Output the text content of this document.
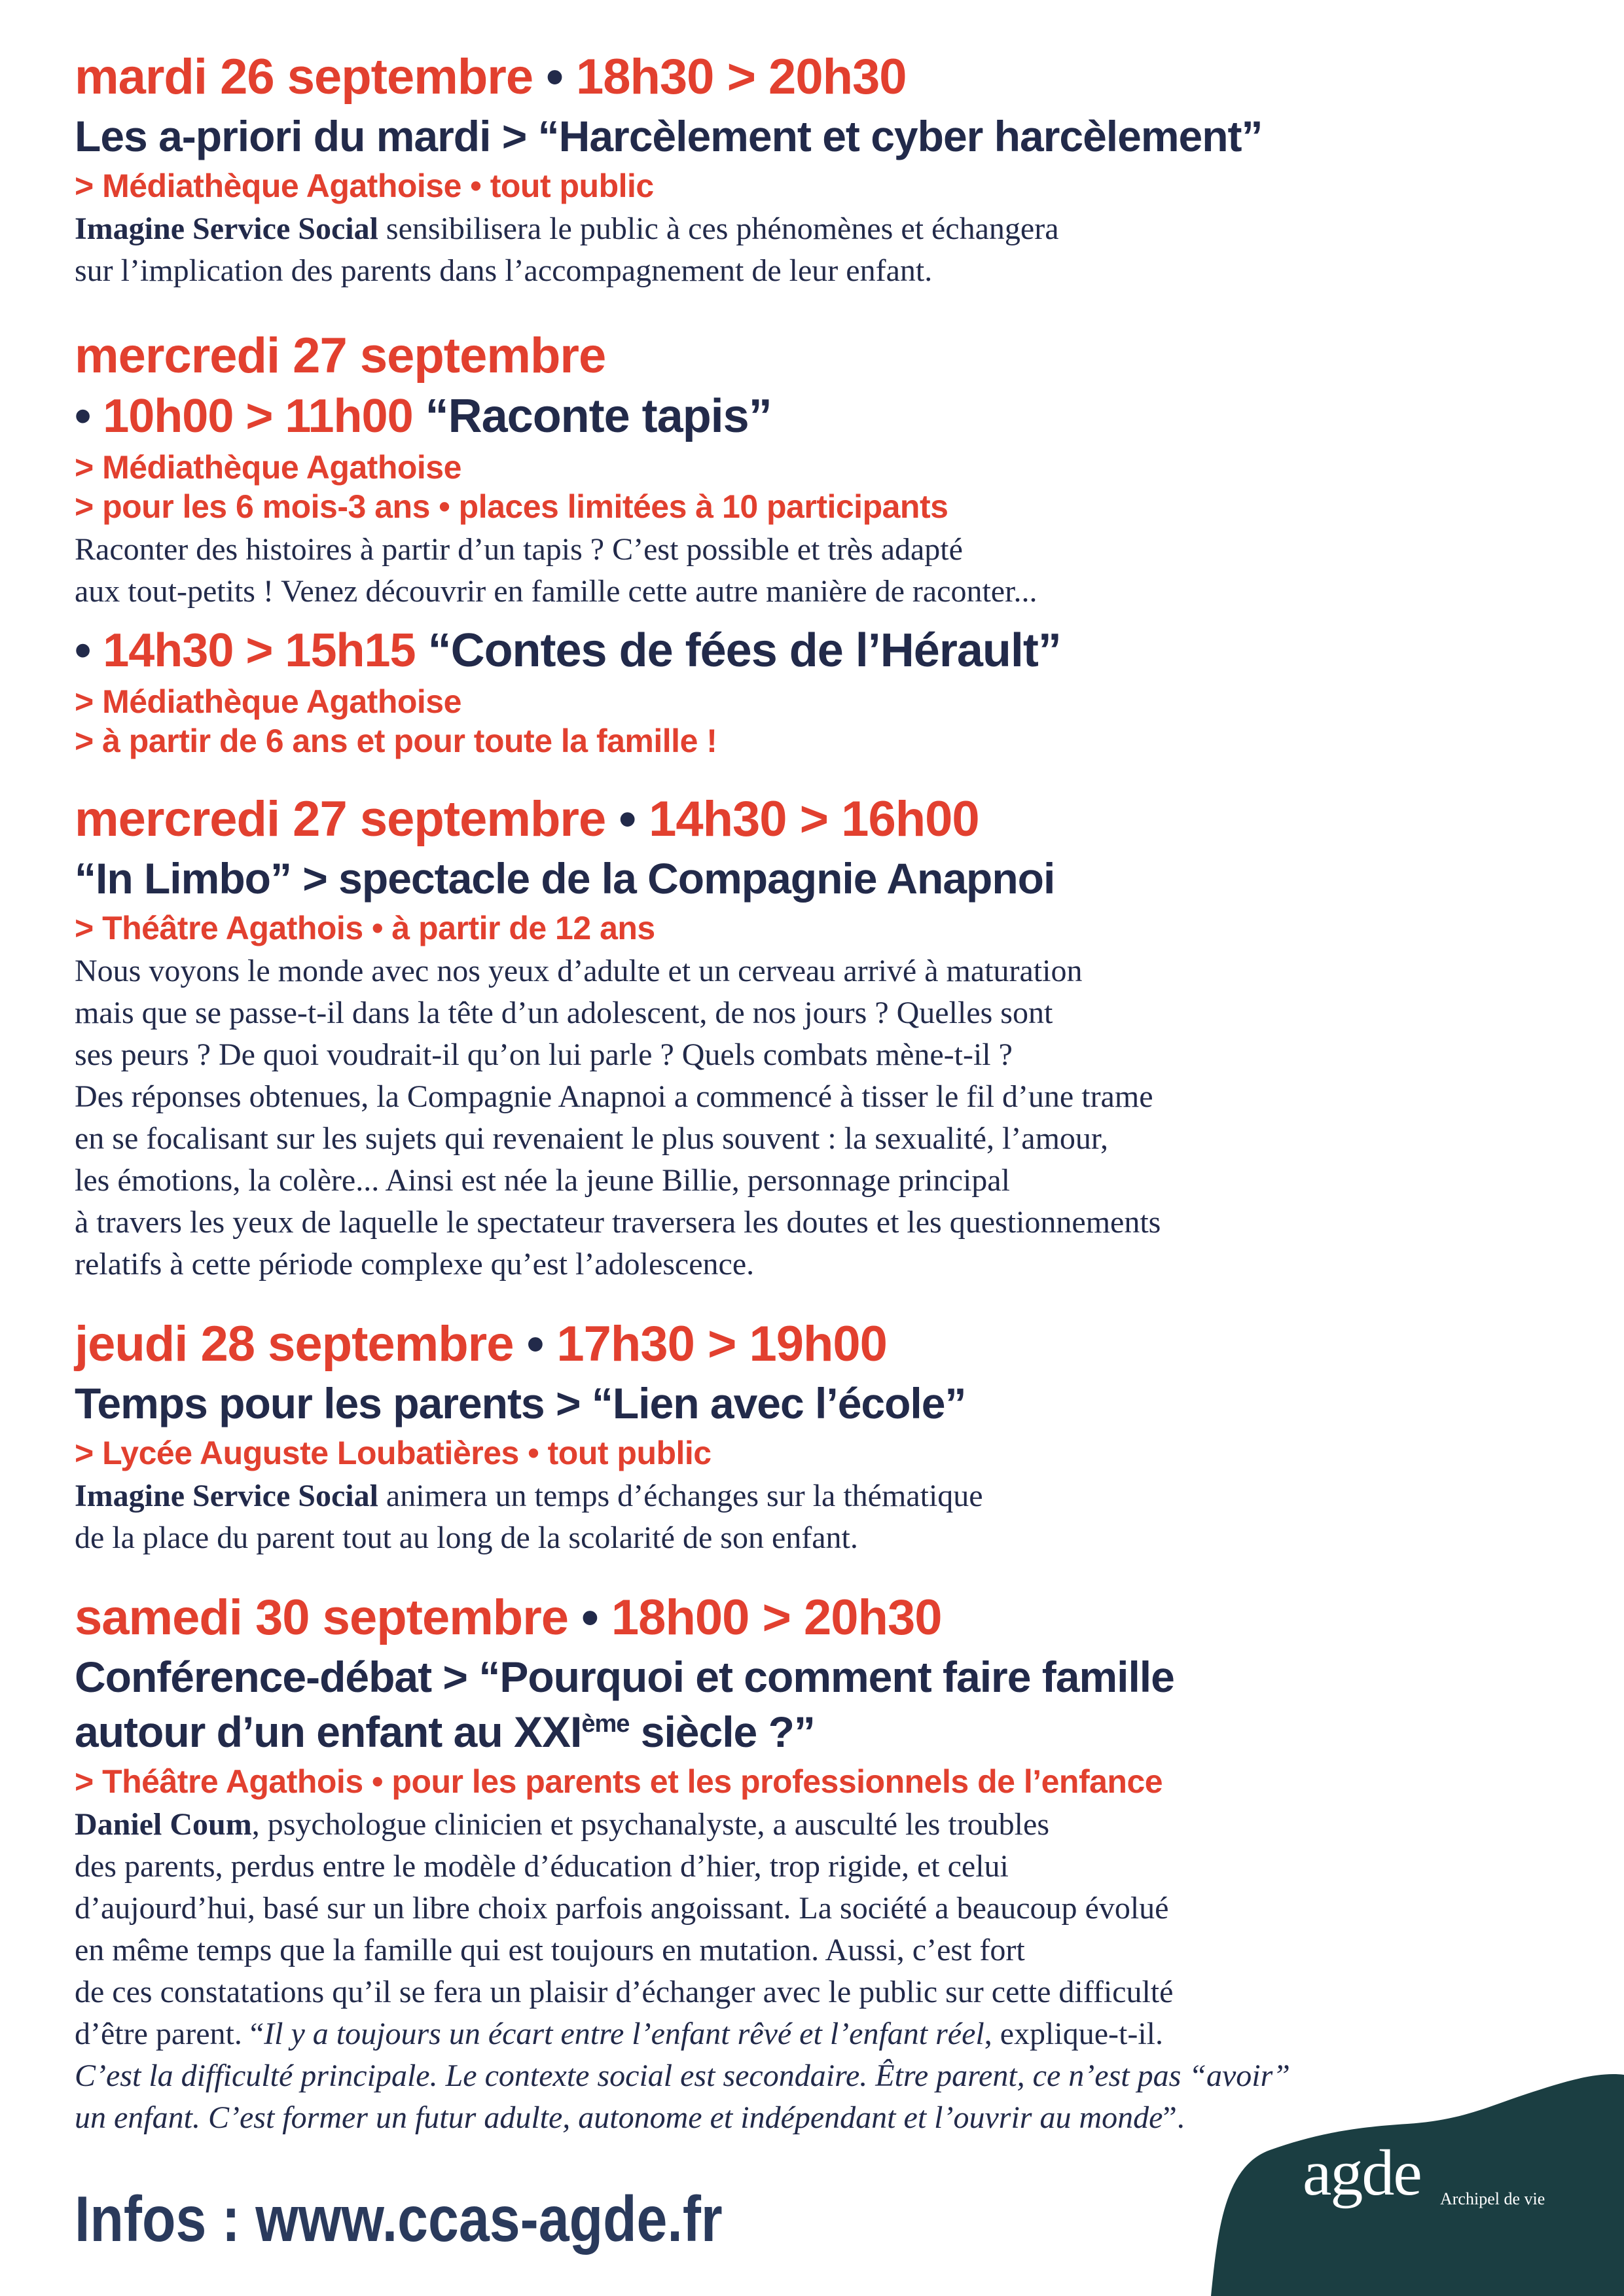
mardi 26 septembre • 18h30 > 20h30

Les a-priori du mardi > “Harcèlement et cyber harcèlement”

> Médiathèque Agathoise • tout public

Imagine Service Social sensibilisera le public à ces phénomènes et échangera
sur l’implication des parents dans l’accompagnement de leur enfant.

mercredi 27 septembre

• 10h00 > 11h00 “Raconte tapis”

> Médiathèque Agathoise

> pour les 6 mois-3 ans • places limitées à 10 participants

Raconter des histoires à partir d’un tapis ? C’est possible et très adapté
aux tout-petits ! Venez découvrir en famille cette autre manière de raconter...

• 14h30 > 15h15 “Contes de fées de l’Hérault”

> Médiathèque Agathoise

> à partir de 6 ans et pour toute la famille !

mercredi 27 septembre • 14h30 > 16h00

“In Limbo” > spectacle de la Compagnie Anapnoi

> Théâtre Agathois • à partir de 12 ans

Nous voyons le monde avec nos yeux d’adulte et un cerveau arrivé à maturation
mais que se passe-t-il dans la tête d’un adolescent, de nos jours ? Quelles sont
ses peurs ? De quoi voudrait-il qu’on lui parle ? Quels combats mène-t-il ?
Des réponses obtenues, la Compagnie Anapnoi a commencé à tisser le fil d’une trame
en se focalisant sur les sujets qui revenaient le plus souvent : la sexualité, l’amour,
les émotions, la colère... Ainsi est née la jeune Billie, personnage principal
à travers les yeux de laquelle le spectateur traversera les doutes et les questionnements
relatifs à cette période complexe qu’est l’adolescence.

jeudi 28 septembre • 17h30 > 19h00

Temps pour les parents > “Lien avec l’école”

> Lycée Auguste Loubatières • tout public

Imagine Service Social animera un temps d’échanges sur la thématique
de la place du parent tout au long de la scolarité de son enfant.

samedi 30 septembre • 18h00 > 20h30

Conférence-débat > “Pourquoi et comment faire famille
autour d’un enfant au XXIème siècle ?”

> Théâtre Agathois • pour les parents et les professionnels de l’enfance

Daniel Coum, psychologue clinicien et psychanalyste, a ausculté les troubles
des parents, perdus entre le modèle d’éducation d’hier, trop rigide, et celui
d’aujourd’hui, basé sur un libre choix parfois angoissant. La société a beaucoup évolué
en même temps que la famille qui est toujours en mutation. Aussi, c’est fort
de ces constatations qu’il se fera un plaisir d’échanger avec le public sur cette difficulté
d’être parent. “Il y a toujours un écart entre l’enfant rêvé et l’enfant réel, explique-t-il.
C’est la difficulté principale. Le contexte social est secondaire. Être parent, ce n’est pas “avoir”
un enfant. C’est former un futur adulte, autonome et indépendant et l’ouvrir au monde”.

Infos : www.ccas-agde.fr
agde Archipel de vie
